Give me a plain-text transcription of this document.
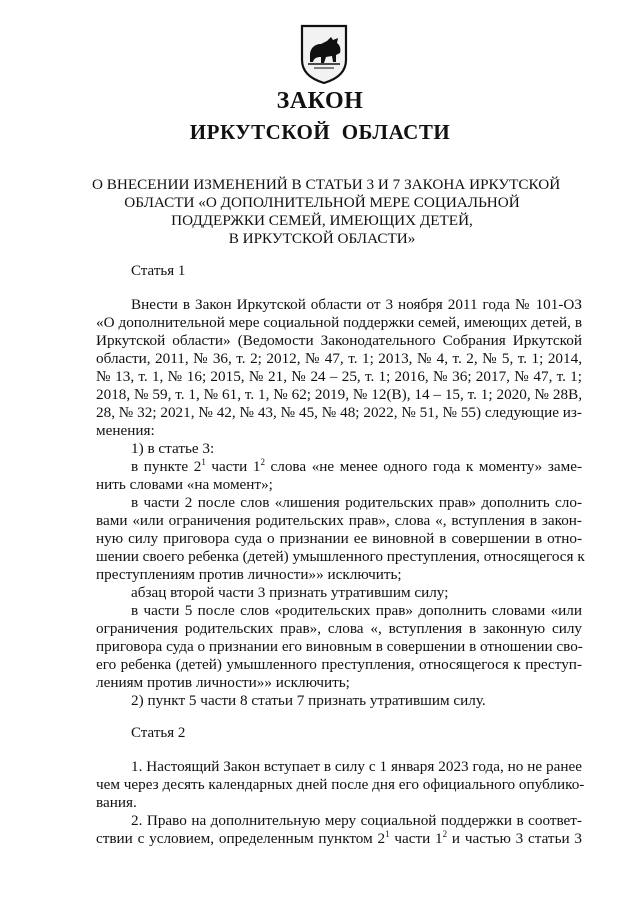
ЗАКОН
ИРКУТСКОЙ  ОБЛАСТИ
О ВНЕСЕНИИ ИЗМЕНЕНИЙ В СТАТЬИ 3 И 7 ЗАКОНА ИРКУТСКОЙ
ОБЛАСТИ «О ДОПОЛНИТЕЛЬНОЙ МЕРЕ СОЦИАЛЬНОЙ
ПОДДЕРЖКИ СЕМЕЙ, ИМЕЮЩИХ ДЕТЕЙ,
В ИРКУТСКОЙ ОБЛАСТИ»
Статья 1
Внести в Закон Иркутской области от 3 ноября 2011 года № 101-ОЗ
«О дополнительной мере социальной поддержки семей, имеющих детей, в
Иркутской области» (Ведомости Законодательного Собрания Иркутской
области, 2011, № 36, т. 2; 2012, № 47, т. 1; 2013, № 4, т. 2, № 5, т. 1; 2014,
№ 13, т. 1, № 16; 2015, № 21, № 24 – 25, т. 1; 2016, № 36; 2017, № 47, т. 1;
2018, № 59, т. 1, № 61, т. 1, № 62; 2019, № 12(В), 14 – 15, т. 1; 2020, № 28В,
28, № 32; 2021, № 42, № 43, № 45, № 48; 2022, № 51, № 55) следующие из-
менения:
1) в статье 3:
в пункте $2^1$ части $1^2$ слова «не менее одного года к моменту» заме-
нить словами «на момент»;
в части 2 после слов «лишения родительских прав» дополнить сло-
вами «или ограничения родительских прав», слова «, вступления в закон-
ную силу приговора суда о признании ее виновной в совершении в отно-
шении своего ребенка (детей) умышленного преступления, относящегося к
преступлениям против личности»» исключить;
абзац второй части 3 признать утратившим силу;
в части 5 после слов «родительских прав» дополнить словами «или
ограничения родительских прав», слова «, вступления в законную силу
приговора суда о признании его виновным в совершении в отношении сво-
его ребенка (детей) умышленного преступления, относящегося к преступ-
лениям против личности»» исключить;
2) пункт 5 части 8 статьи 7 признать утратившим силу.
Статья 2
1. Настоящий Закон вступает в силу с 1 января 2023 года, но не ранее
чем через десять календарных дней после дня его официального опублико-
вания.
2. Право на дополнительную меру социальной поддержки в соответ-
ствии с условием, определенным пунктом $2^1$ части $1^2$ и частью 3 статьи 3
